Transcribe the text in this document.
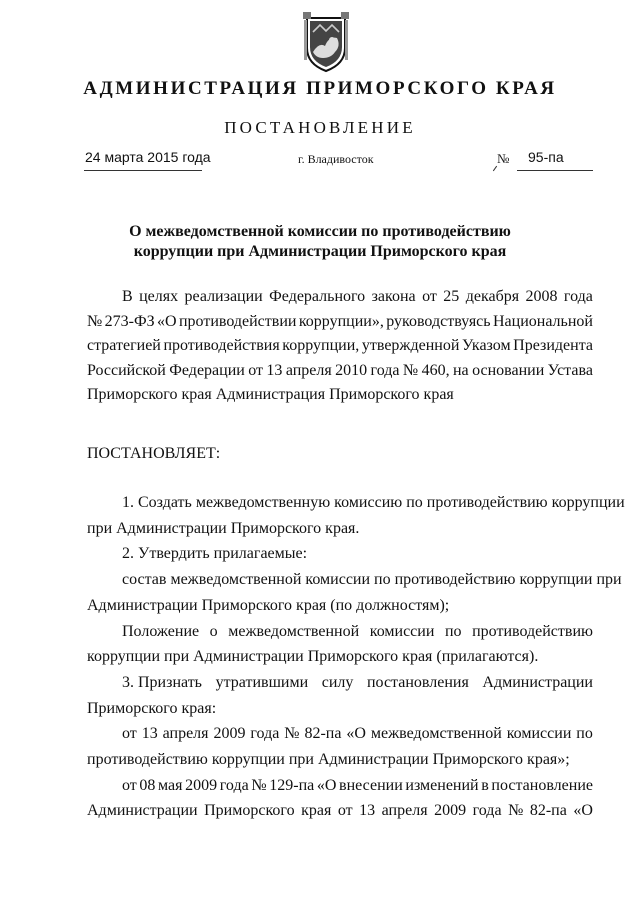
АДМИНИСТРАЦИЯ ПРИМОРСКОГО КРАЯ
ПОСТАНОВЛЕНИЕ
24 марта 2015 года	г. Владивосток	№ 95-па
О межведомственной комиссии по противодействию
коррупции при Администрации Приморского края
В целях реализации Федерального закона от 25 декабря 2008 года
№ 273-ФЗ «О противодействии коррупции», руководствуясь Национальной
стратегией противодействия коррупции, утвержденной Указом Президента
Российской Федерации от 13 апреля 2010 года № 460, на основании Устава
Приморского края Администрация Приморского края
ПОСТАНОВЛЯЕТ:
1. Создать межведомственную комиссию по противодействию коррупции
при Администрации Приморского края.
2. Утвердить прилагаемые:
состав межведомственной комиссии по противодействию коррупции при
Администрации Приморского края (по должностям);
Положение о межведомственной комиссии по противодействию
коррупции при Администрации Приморского края (прилагаются).
3. Признать утратившими силу постановления Администрации
Приморского края:
от 13 апреля 2009 года № 82-па «О межведомственной комиссии по
противодействию коррупции при Администрации Приморского края»;
от 08 мая 2009 года № 129-па «О внесении изменений в постановление
Администрации Приморского края от 13 апреля 2009 года № 82-па «О
